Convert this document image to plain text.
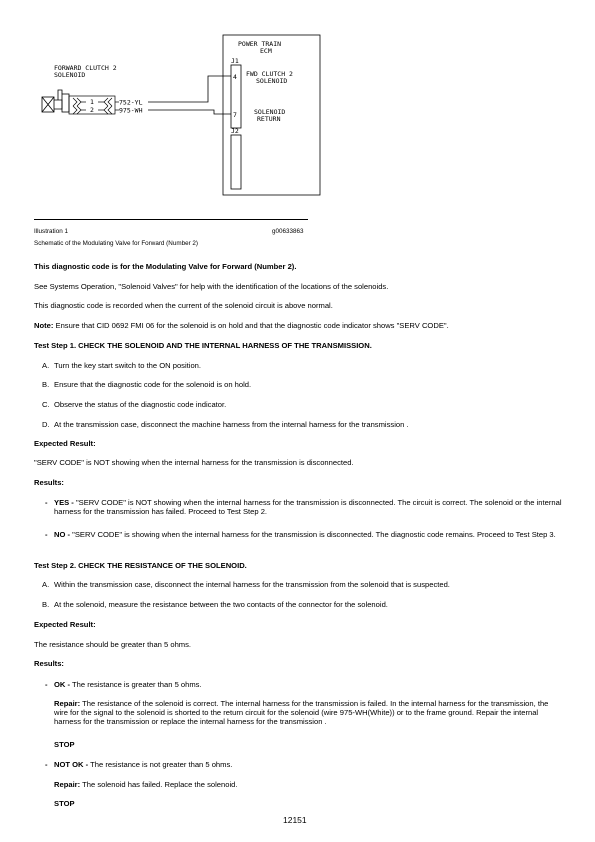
POWER TRAIN
ECM
J1
4
7
FWD CLUTCH 2
SOLENOID
SOLENOID
RETURN
J2
FORWARD CLUTCH 2
SOLENOID
1
2
752-YL
975-WH
Illustration 1	g00633863
Schematic of the Modulating Valve for Forward (Number 2)
This diagnostic code is for the Modulating Valve for Forward (Number 2).
See Systems Operation, "Solenoid Valves" for help with the identification of the locations of the solenoids.
This diagnostic code is recorded when the current of the solenoid circuit is above normal.
Note: Ensure that CID 0692 FMI 06 for the solenoid is on hold and that the diagnostic code indicator shows "SERV CODE".
Test Step 1. CHECK THE SOLENOID AND THE INTERNAL HARNESS OF THE TRANSMISSION.
A. Turn the key start switch to the ON position.
B. Ensure that the diagnostic code for the solenoid is on hold.
C. Observe the status of the diagnostic code indicator.
D. At the transmission case, disconnect the machine harness from the internal harness for the transmission .
Expected Result:
"SERV CODE" is NOT showing when the internal harness for the transmission is disconnected.
Results:
- YES - "SERV CODE" is NOT showing when the internal harness for the transmission is disconnected. The circuit is correct. The solenoid or the internal harness for the transmission has failed. Proceed to Test Step 2.
- NO - "SERV CODE" is showing when the internal harness for the transmission is disconnected. The diagnostic code remains. Proceed to Test Step 3.
Test Step 2. CHECK THE RESISTANCE OF THE SOLENOID.
A. Within the transmission case, disconnect the internal harness for the transmission from the solenoid that is suspected.
B. At the solenoid, measure the resistance between the two contacts of the connector for the solenoid.
Expected Result:
The resistance should be greater than 5 ohms.
Results:
- OK - The resistance is greater than 5 ohms.
Repair: The resistance of the solenoid is correct. The internal harness for the transmission is failed. In the internal harness for the transmission, the wire for the signal to the solenoid is shorted to the return circuit for the solenoid (wire 975-WH(White)) or to the frame ground. Repair the internal harness for the transmission or replace the internal harness for the transmission .
STOP
- NOT OK - The resistance is not greater than 5 ohms.
Repair: The solenoid has failed. Replace the solenoid.
STOP
12151
